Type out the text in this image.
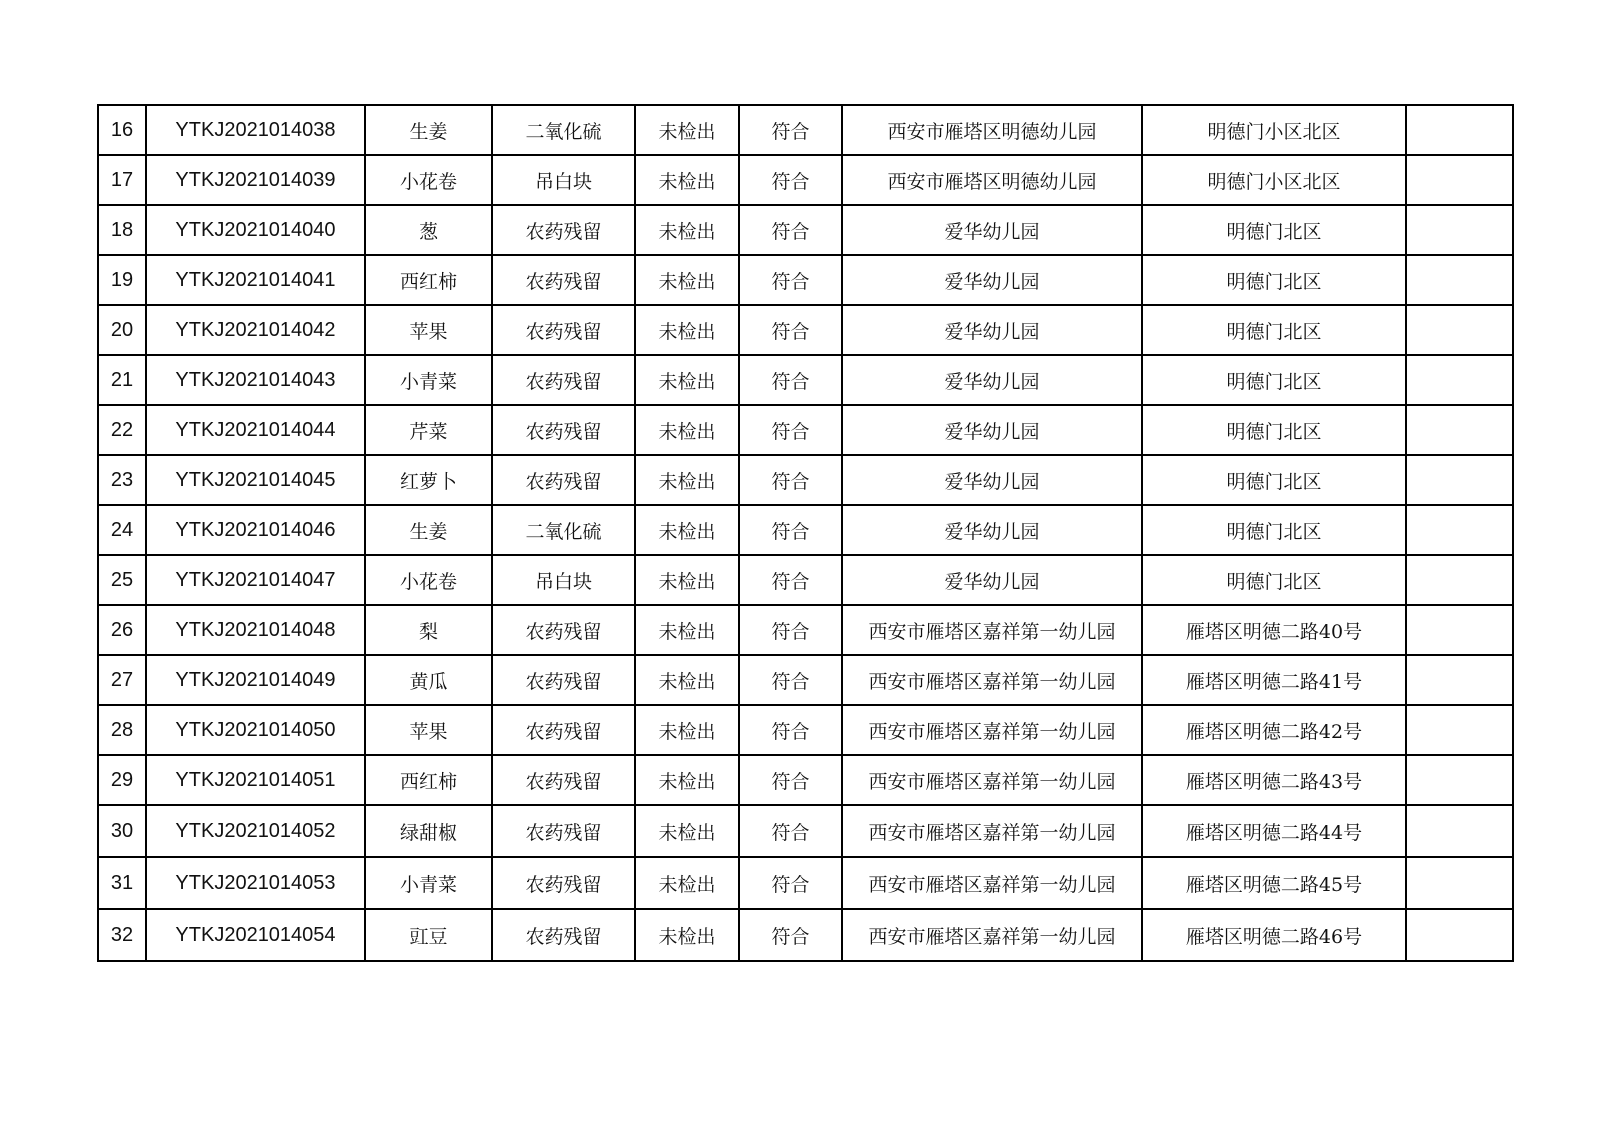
16	YTKJ2021014038	生姜	二氧化硫	未检出	符合	西安市雁塔区明德幼儿园	明德门小区北区	
17	YTKJ2021014039	小花卷	吊白块	未检出	符合	西安市雁塔区明德幼儿园	明德门小区北区	
18	YTKJ2021014040	葱	农药残留	未检出	符合	爱华幼儿园	明德门北区	
19	YTKJ2021014041	西红柿	农药残留	未检出	符合	爱华幼儿园	明德门北区	
20	YTKJ2021014042	苹果	农药残留	未检出	符合	爱华幼儿园	明德门北区	
21	YTKJ2021014043	小青菜	农药残留	未检出	符合	爱华幼儿园	明德门北区	
22	YTKJ2021014044	芹菜	农药残留	未检出	符合	爱华幼儿园	明德门北区	
23	YTKJ2021014045	红萝卜	农药残留	未检出	符合	爱华幼儿园	明德门北区	
24	YTKJ2021014046	生姜	二氧化硫	未检出	符合	爱华幼儿园	明德门北区	
25	YTKJ2021014047	小花卷	吊白块	未检出	符合	爱华幼儿园	明德门北区	
26	YTKJ2021014048	梨	农药残留	未检出	符合	西安市雁塔区嘉祥第一幼儿园	雁塔区明德二路40号	
27	YTKJ2021014049	黄瓜	农药残留	未检出	符合	西安市雁塔区嘉祥第一幼儿园	雁塔区明德二路41号	
28	YTKJ2021014050	苹果	农药残留	未检出	符合	西安市雁塔区嘉祥第一幼儿园	雁塔区明德二路42号	
29	YTKJ2021014051	西红柿	农药残留	未检出	符合	西安市雁塔区嘉祥第一幼儿园	雁塔区明德二路43号	
30	YTKJ2021014052	绿甜椒	农药残留	未检出	符合	西安市雁塔区嘉祥第一幼儿园	雁塔区明德二路44号	
31	YTKJ2021014053	小青菜	农药残留	未检出	符合	西安市雁塔区嘉祥第一幼儿园	雁塔区明德二路45号	
32	YTKJ2021014054	豇豆	农药残留	未检出	符合	西安市雁塔区嘉祥第一幼儿园	雁塔区明德二路46号	
